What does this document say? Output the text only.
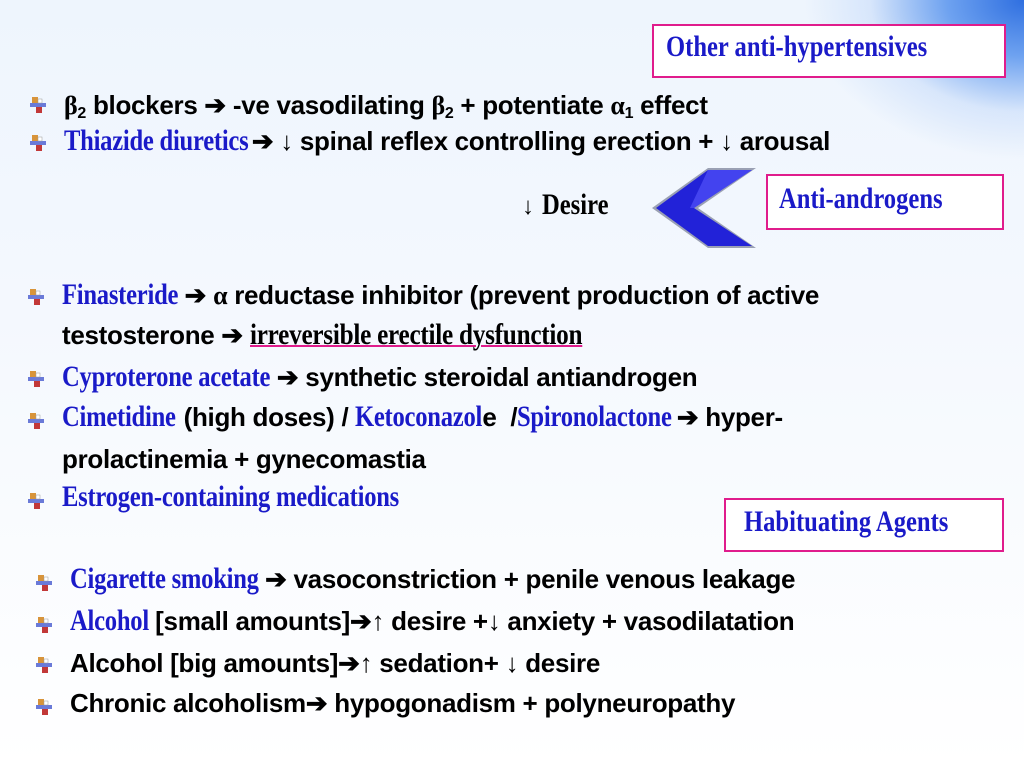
Other anti-hypertensives
Anti-androgens
Habituating Agents
$\beta_2$ blockers ➔ -ve vasodilating $\beta_2$ + potentiate $\alpha_1$ effect
Thiazide diuretics ➔ ↓ spinal reflex controlling erection + ↓ arousal
↓ Desire
Finasteride ➔ α reductase inhibitor (prevent production of active
testosterone ➔ irreversible erectile dysfunction
Cyproterone acetate ➔ synthetic steroidal antiandrogen
Cimetidine (high doses) / Ketoconazole  /Spironolactone ➔ hyper-
prolactinemia + gynecomastia
Estrogen-containing medications
Cigarette smoking ➔ vasoconstriction + penile venous leakage
Alcohol [small amounts]➔↑ desire +↓ anxiety + vasodilatation
Alcohol [big amounts]➔↑ sedation+ ↓ desire
Chronic alcoholism➔ hypogonadism + polyneuropathy
